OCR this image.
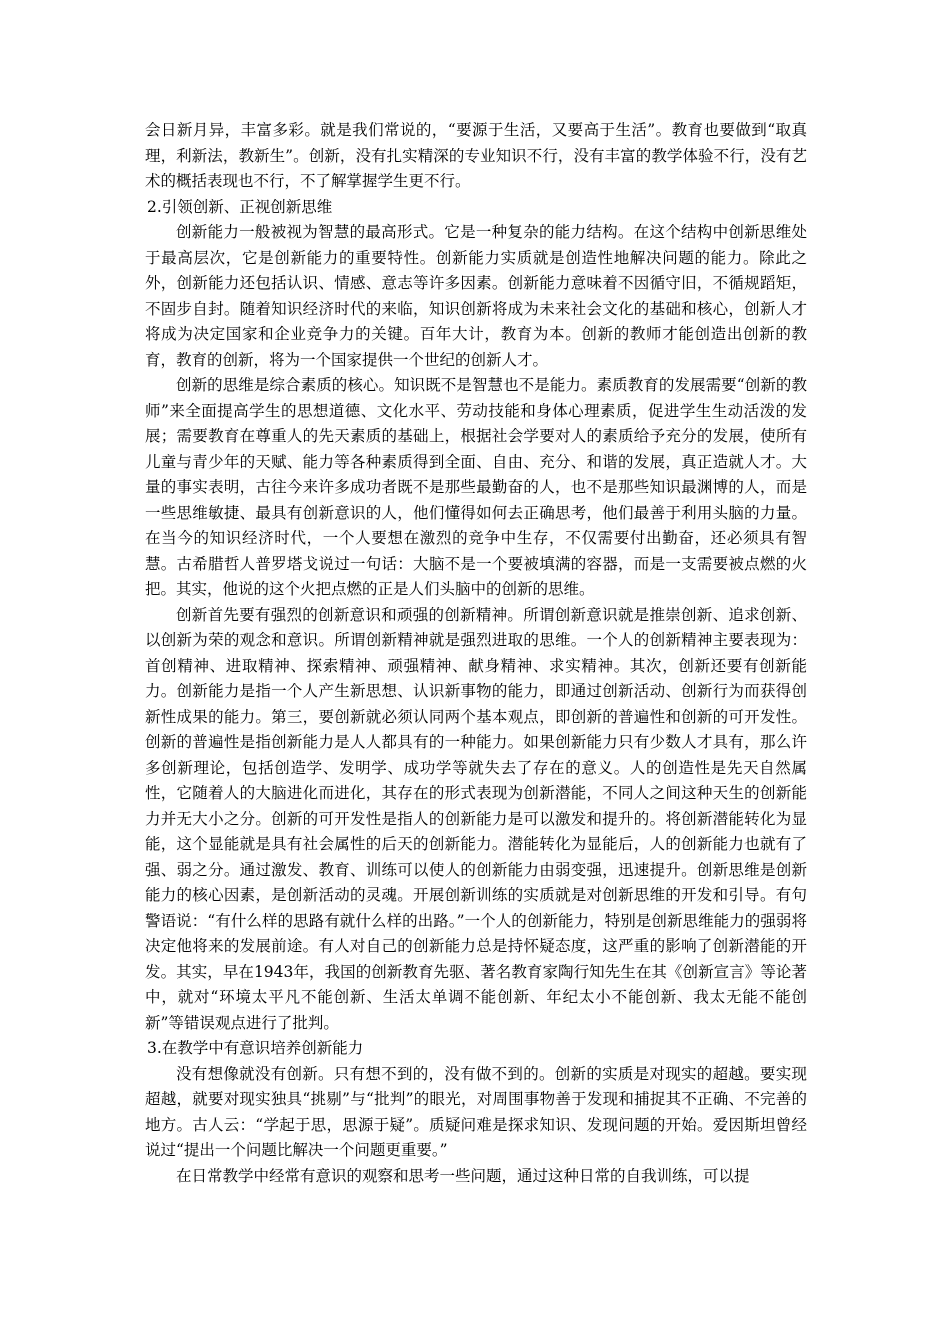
会日新月异，丰富多彩。就是我们常说的，“要源于生活，又要高于生活”。教育也要做到“取真理，利新法，教新生”。创新，没有扎实精深的专业知识不行，没有丰富的教学体验不行，没有艺术的概括表现也不行，不了解掌握学生更不行。

2.引领创新、正视创新思维

创新能力一般被视为智慧的最高形式。它是一种复杂的能力结构。在这个结构中创新思维处于最高层次，它是创新能力的重要特性。创新能力实质就是创造性地解决问题的能力。除此之外，创新能力还包括认识、情感、意志等许多因素。创新能力意味着不因循守旧，不循规蹈矩，不固步自封。随着知识经济时代的来临，知识创新将成为未来社会文化的基础和核心，创新人才将成为决定国家和企业竞争力的关键。百年大计，教育为本。创新的教师才能创造出创新的教育，教育的创新，将为一个国家提供一个世纪的创新人才。

创新的思维是综合素质的核心。知识既不是智慧也不是能力。素质教育的发展需要“创新的教师”来全面提高学生的思想道德、文化水平、劳动技能和身体心理素质，促进学生生动活泼的发展；需要教育在尊重人的先天素质的基础上，根据社会学要对人的素质给予充分的发展，使所有儿童与青少年的天赋、能力等各种素质得到全面、自由、充分、和谐的发展，真正造就人才。大量的事实表明，古往今来许多成功者既不是那些最勤奋的人，也不是那些知识最渊博的人，而是一些思维敏捷、最具有创新意识的人，他们懂得如何去正确思考，他们最善于利用头脑的力量。在当今的知识经济时代，一个人要想在激烈的竞争中生存，不仅需要付出勤奋，还必须具有智慧。古希腊哲人普罗塔戈说过一句话：大脑不是一个要被填满的容器，而是一支需要被点燃的火把。其实，他说的这个火把点燃的正是人们头脑中的创新的思维。

创新首先要有强烈的创新意识和顽强的创新精神。所谓创新意识就是推崇创新、追求创新、以创新为荣的观念和意识。所谓创新精神就是强烈进取的思维。一个人的创新精神主要表现为：首创精神、进取精神、探索精神、顽强精神、献身精神、求实精神。其次，创新还要有创新能力。创新能力是指一个人产生新思想、认识新事物的能力，即通过创新活动、创新行为而获得创新性成果的能力。第三，要创新就必须认同两个基本观点，即创新的普遍性和创新的可开发性。创新的普遍性是指创新能力是人人都具有的一种能力。如果创新能力只有少数人才具有，那么许多创新理论，包括创造学、发明学、成功学等就失去了存在的意义。人的创造性是先天自然属性，它随着人的大脑进化而进化，其存在的形式表现为创新潜能，不同人之间这种天生的创新能力并无大小之分。创新的可开发性是指人的创新能力是可以激发和提升的。将创新潜能转化为显能，这个显能就是具有社会属性的后天的创新能力。潜能转化为显能后，人的创新能力也就有了强、弱之分。通过激发、教育、训练可以使人的创新能力由弱变强，迅速提升。创新思维是创新能力的核心因素，是创新活动的灵魂。开展创新训练的实质就是对创新思维的开发和引导。有句警语说：“有什么样的思路有就什么样的出路。”一个人的创新能力，特别是创新思维能力的强弱将决定他将来的发展前途。有人对自己的创新能力总是持怀疑态度，这严重的影响了创新潜能的开发。其实，早在1943年，我国的创新教育先驱、著名教育家陶行知先生在其《创新宣言》等论著中，就对“环境太平凡不能创新、生活太单调不能创新、年纪太小不能创新、我太无能不能创新”等错误观点进行了批判。

3.在教学中有意识培养创新能力

没有想像就没有创新。只有想不到的，没有做不到的。创新的实质是对现实的超越。要实现超越，就要对现实独具“挑剔”与“批判”的眼光，对周围事物善于发现和捕捉其不正确、不完善的地方。古人云：“学起于思，思源于疑”。质疑问难是探求知识、发现问题的开始。爱因斯坦曾经说过“提出一个问题比解决一个问题更重要。”

在日常教学中经常有意识的观察和思考一些问题，通过这种日常的自我训练，可以提
